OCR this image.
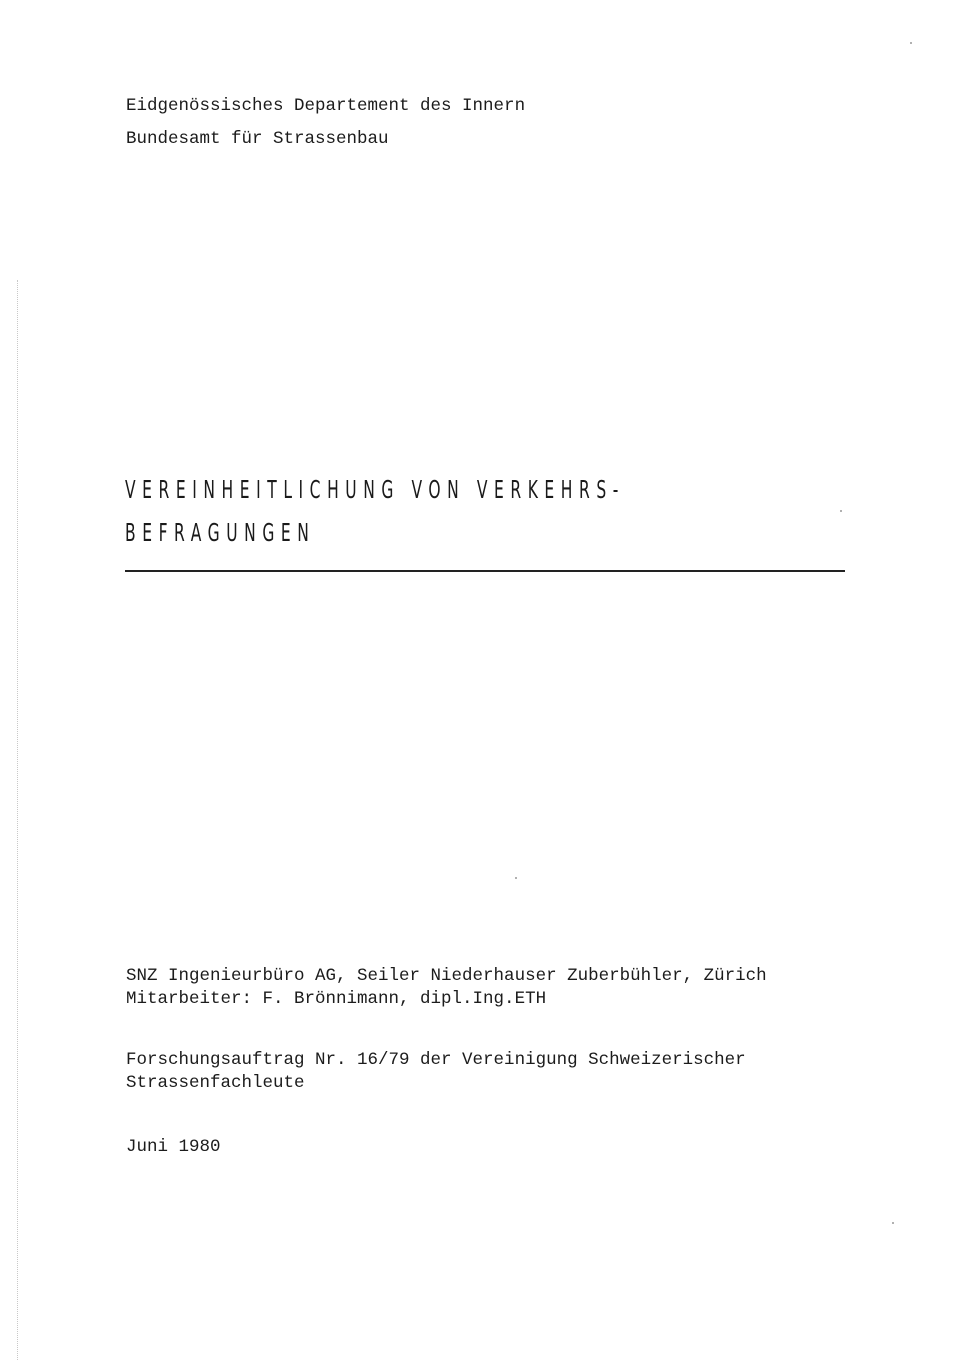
Eidgenössisches Departement des Innern
Bundesamt für Strassenbau
VEREINHEITLICHUNG VON VERKEHRS-
BEFRAGUNGEN
SNZ Ingenieurbüro AG, Seiler Niederhauser Zuberbühler, Zürich
Mitarbeiter: F. Brönnimann, dipl.Ing.ETH
Forschungsauftrag Nr. 16/79 der Vereinigung Schweizerischer
Strassenfachleute
Juni 1980
